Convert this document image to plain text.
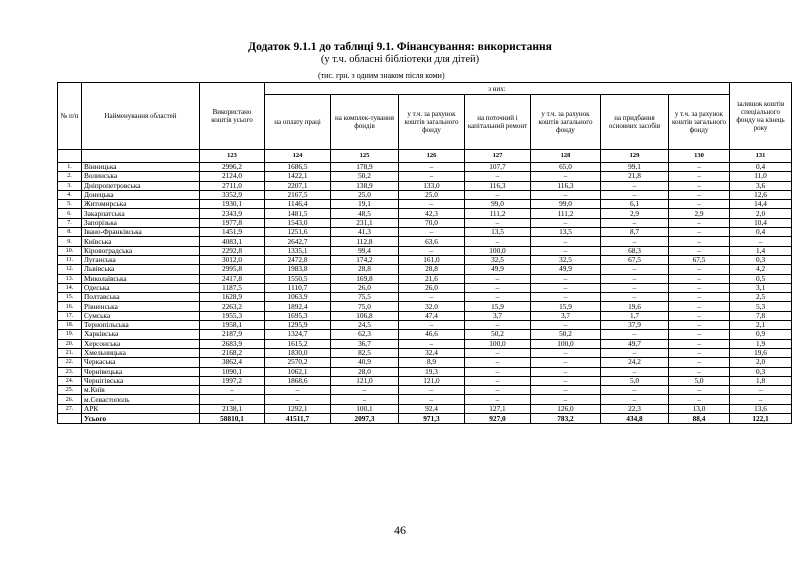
Додаток 9.1.1 до таблиці 9.1. Фінансування: використання
(у т.ч. обласні бібліотеки для дітей)
(тис. грн. з одним знаком після коми)
№ п/п	Найменування областей	Використано коштів усього	з них:							залишок коштів спеціального фонду на кінець року
			на оплату праці	на комплек-тування фондів	у т.ч. за рахунок коштів загального фонду	на поточний і капітальний ремонт	у т.ч. за рахунок коштів загального фонду	на придбання основних засобів	у т.ч. за рахунок коштів загального фонду	
		123	124	125	126	127	128	129	130	131
1.	Вінницька	2996,2	1686,5	178,9	–	107,7	65,0	99,1	–	0,4
2.	Волинська	2124,0	1422,1	50,2	–	–	–	21,8	–	11,0
3.	Дніпропетровська	2711,0	2207,1	138,9	133,0	116,3	116,3	–	–	3,6
4.	Донецька	3352,9	2167,5	25,0	25,0	–	–	–	–	12,6
5.	Житомирська	1930,1	1146,4	19,1	–	99,0	99,0	6,1	–	14,4
6.	Закарпатська	2343,9	1481,5	48,5	42,3	111,2	111,2	2,9	2,9	2,0
7.	Запорізька	1977,8	1543,0	231,1	70,0	–	–	–	–	10,4
8.	Івано-Франківська	1451,9	1251,6	41,3	–	13,5	13,5	8,7	–	0,4
9.	Київська	4083,1	2642,7	112,8	63,6	–	–	–	–	–
10.	Кіровоградська	2292,8	1335,1	99,4	–	100,0	–	68,3	–	1,4
11.	Луганська	3012,0	2472,8	174,2	161,0	32,5	32,5	67,5	67,5	0,3
12.	Львівська	2995,8	1983,8	28,8	28,8	49,9	49,9	–	–	4,2
13.	Миколаївська	2417,8	1550,5	169,8	21,6	–	–	–	–	0,5
14.	Одеська	1187,5	1110,7	26,0	26,0	–	–	–	–	3,1
15.	Полтавська	1628,9	1063,9	75,5	–	–	–	–	–	2,5
16.	Рівненська	2263,2	1892,4	75,0	32,0	15,9	15,9	19,6	–	5,3
17.	Сумська	1955,3	1695,3	106,8	47,4	3,7	3,7	1,7	–	7,8
18.	Тернопільська	1958,1	1295,9	24,5	–	–	–	37,9	–	2,1
19.	Харківська	2187,9	1324,7	62,3	46,6	50,2	50,2	–	–	0,9
20.	Херсонська	2683,9	1615,2	36,7	–	100,0	100,0	49,7	–	1,9
21.	Хмельницька	2168,2	1830,0	82,5	32,4	–	–	–	–	19,6
22.	Черкаська	3862,4	2570,2	40,9	8,9	–	–	24,2	–	2,0
23.	Чернівецька	1090,1	1062,1	28,0	19,3	–	–	–	–	0,3
24.	Чернігівська	1997,2	1868,6	121,0	121,0	–	–	5,0	5,0	1,8
25.	м.Київ	–	–	–	–	–	–	–	–	–
26.	м.Севастополь	–	–	–	–	–	–	–	–	–
27.	АРК	2138,1	1292,1	100,1	92,4	127,1	126,0	22,3	13,0	13,6
	Усього	58810,1	41511,7	2097,3	971,3	927,0	783,2	434,8	88,4	122,1
46
